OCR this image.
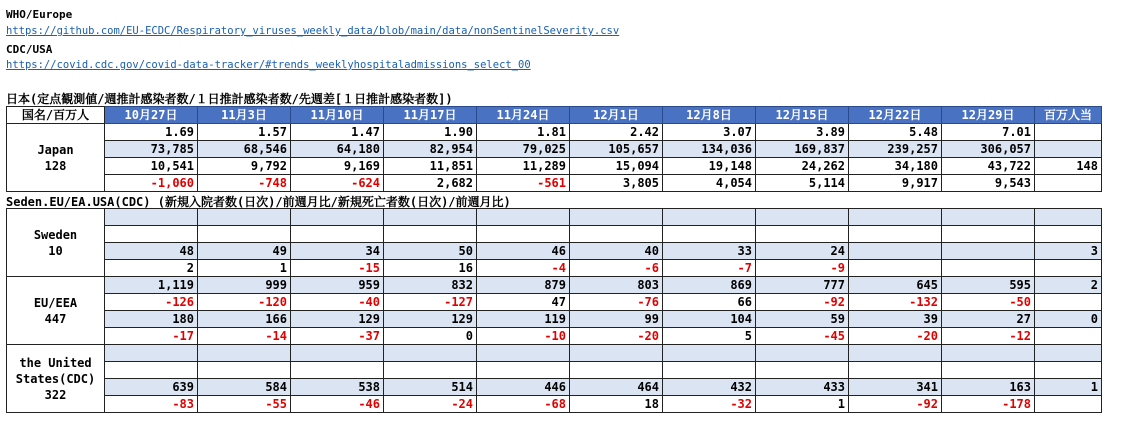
WHO/Europe
https://github.com/EU-ECDC/Respiratory_viruses_weekly_data/blob/main/data/nonSentinelSeverity.csv
CDC/USA
https://covid.cdc.gov/covid-data-tracker/#trends_weeklyhospitaladmissions_select_00
日本(定点観測値/週推計感染者数/１日推計感染者数/先週差[１日推計感染者数])
国名/百万人	10月27日	11月3日	11月10日	11月17日	11月24日	12月1日	12月8日	12月15日	12月22日	12月29日	百万人当

Japan
128	1.69	1.57	1.47	1.90	1.81	2.42	3.07	3.89	5.48	7.01	
	73,785	68,546	64,180	82,954	79,025	105,657	134,036	169,837	239,257	306,057	
	10,541	9,792	9,169	11,851	11,289	15,094	19,148	24,262	34,180	43,722	148
	-1,060	-748	-624	2,682	-561	3,805	4,054	5,114	9,917	9,543	
Seden.EU/EA.USA(CDC) (新規入院者数(日次)/前週月比/新規死亡者数(日次)/前週月比)
Sweden
10											

	48	49	34	50	46	40	33	24			3
	2	1	-15	16	-4	-6	-7	-9			

EU/EEA
447	1,119	999	959	832	879	803	869	777	645	595	2
	-126	-120	-40	-127	47	-76	66	-92	-132	-50	
	180	166	129	129	119	99	104	59	39	27	0
	-17	-14	-37	0	-10	-20	5	-45	-20	-12	

the United
States(CDC)
322											

	639	584	538	514	446	464	432	433	341	163	1
	-83	-55	-46	-24	-68	18	-32	1	-92	-178	
